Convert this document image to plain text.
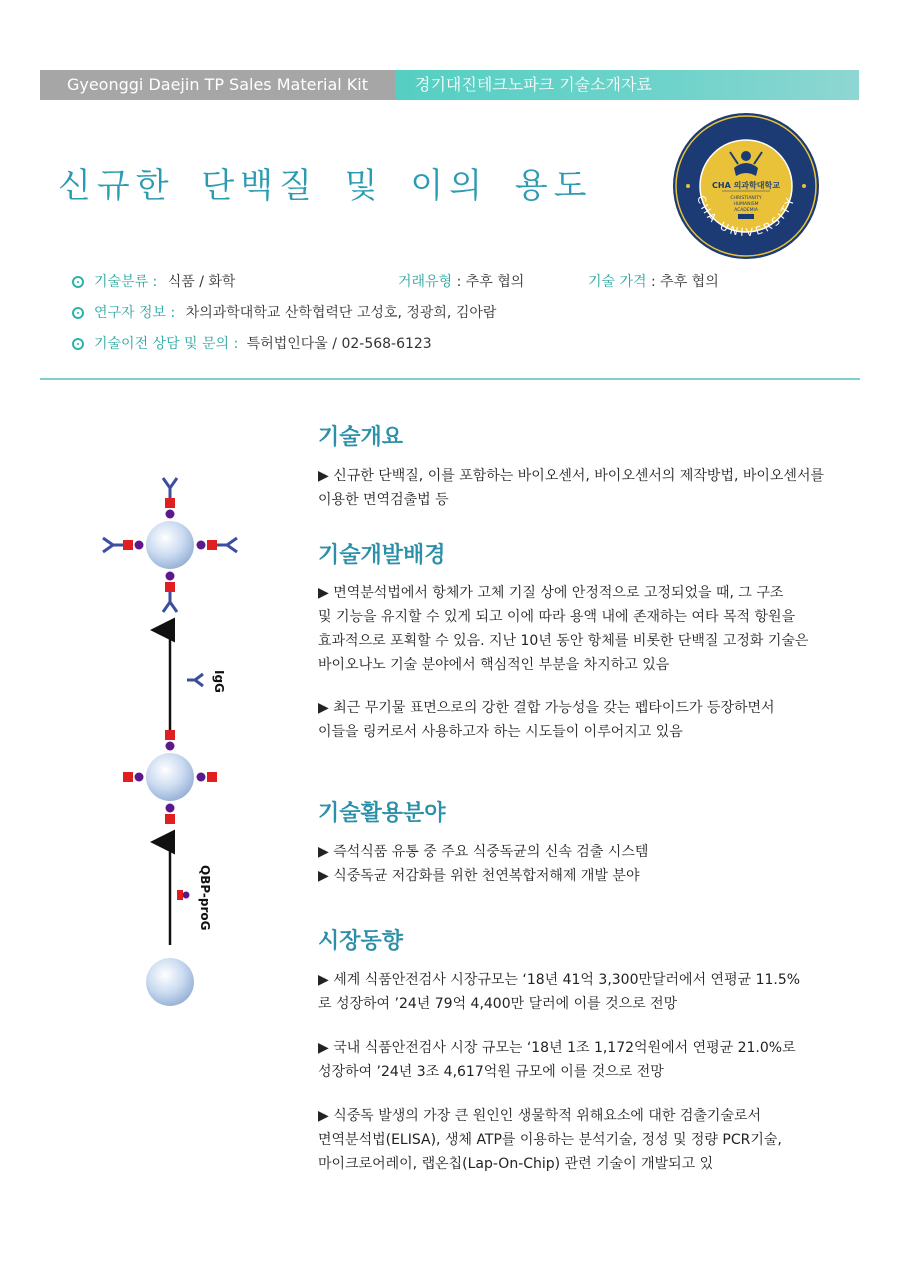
Gyeonggi Daejin TP Sales Material Kit	경기대진테크노파크 기술소개자료
신규한 단백질 및 이의 용도	CHA 의과학대학교
CHRISTIANITY
HUMANISM
ACADEMIA
CHA UNIVERSITY
기술분류 : 식품 / 화학	거래유형 : 추후 협의	기술 가격 : 추후 협의
연구자 정보 : 차의과학대학교 산학협력단 고성호, 정광희, 김아람
기술이전 상담 및 문의 : 특허법인다울 / 02-568-6123
IgG
QBP-proG
기술개요

▶ 신규한 단백질, 이를 포함하는 바이오센서, 바이오센서의 제작방법, 바이오센서를
이용한 면역검출법 등

기술개발배경

▶ 면역분석법에서 항체가 고체 기질 상에 안정적으로 고정되었을 때, 그 구조
및 기능을 유지할 수 있게 되고 이에 따라 용액 내에 존재하는 여타 목적 항원을
효과적으로 포획할 수 있음. 지난 10년 동안 항체를 비롯한 단백질 고정화 기술은
바이오나노 기술 분야에서 핵심적인 부분을 차지하고 있음

▶ 최근 무기물 표면으로의 강한 결합 가능성을 갖는 펩타이드가 등장하면서
이들을 링커로서 사용하고자 하는 시도들이 이루어지고 있음

기술활용분야

▶ 즉석식품 유통 중 주요 식중독균의 신속 검출 시스템
▶ 식중독균 저감화를 위한 천연복합저해제 개발 분야

시장동향

▶ 세계 식품안전검사 시장규모는 ‘18년 41억 3,300만달러에서 연평균 11.5%
로 성장하여 ’24년 79억 4,400만 달러에 이를 것으로 전망

▶ 국내 식품안전검사 시장 규모는 ‘18년 1조 1,172억원에서 연평균 21.0%로
성장하여 ’24년 3조 4,617억원 규모에 이를 것으로 전망

▶ 식중독 발생의 가장 큰 원인인 생물학적 위해요소에 대한 검출기술로서
면역분석법(ELISA), 생체 ATP를 이용하는 분석기술, 정성 및 정량 PCR기술,
마이크로어레이, 랩온칩(Lap-On-Chip) 관련 기술이 개발되고 있
